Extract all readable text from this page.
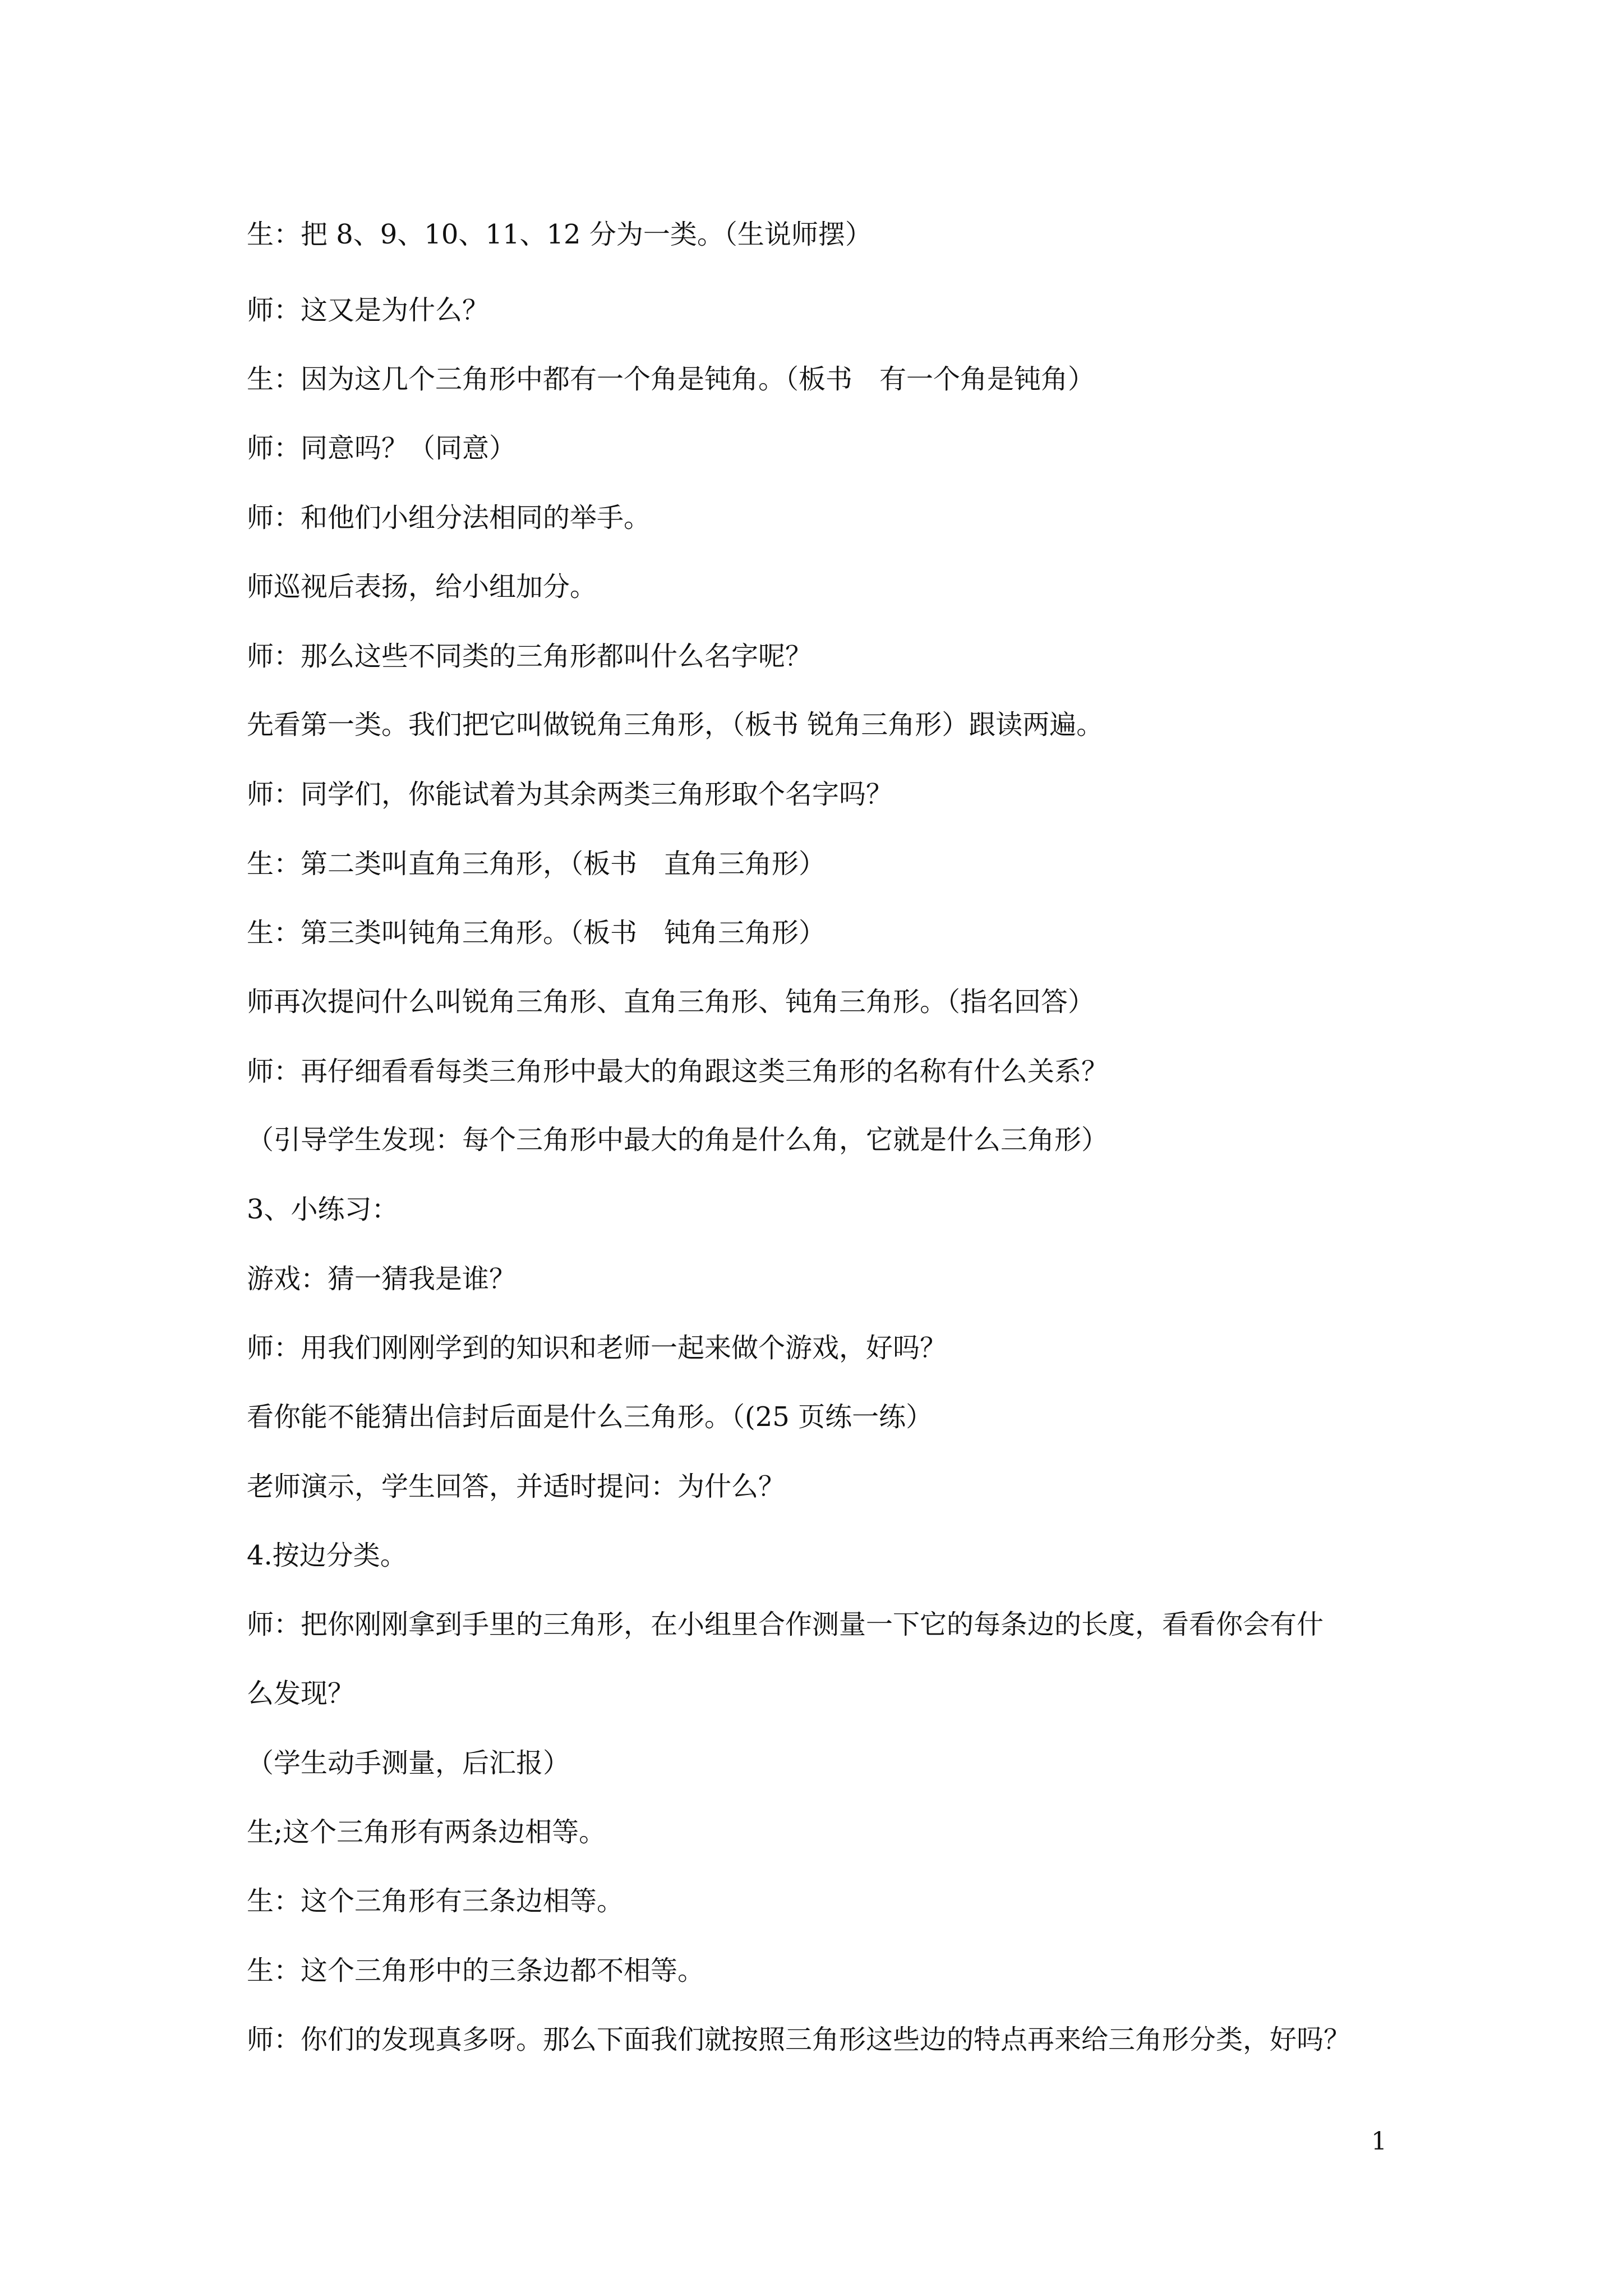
生：把 8、9、10、11、12 分为一类。（生说师摆）
师：这又是为什么？
生：因为这几个三角形中都有一个角是钝角。（板书　有一个角是钝角）
师：同意吗？（同意）
师：和他们小组分法相同的举手。
师巡视后表扬，给小组加分。
师：那么这些不同类的三角形都叫什么名字呢？
先看第一类。我们把它叫做锐角三角形，（板书 锐角三角形）跟读两遍。
师：同学们，你能试着为其余两类三角形取个名字吗？
生：第二类叫直角三角形，（板书　直角三角形）
生：第三类叫钝角三角形。（板书　钝角三角形）
师再次提问什么叫锐角三角形、直角三角形、钝角三角形。（指名回答）
师：再仔细看看每类三角形中最大的角跟这类三角形的名称有什么关系？
（引导学生发现：每个三角形中最大的角是什么角，它就是什么三角形）
3、小练习：
游戏：猜一猜我是谁？
师：用我们刚刚学到的知识和老师一起来做个游戏，好吗？
看你能不能猜出信封后面是什么三角形。（(25 页练一练）
老师演示，学生回答，并适时提问：为什么？
4.按边分类。
师：把你刚刚拿到手里的三角形，在小组里合作测量一下它的每条边的长度，看看你会有什
么发现？
（学生动手测量，后汇报）
生;这个三角形有两条边相等。
生：这个三角形有三条边相等。
生：这个三角形中的三条边都不相等。
师：你们的发现真多呀。那么下面我们就按照三角形这些边的特点再来给三角形分类，好吗？
1
